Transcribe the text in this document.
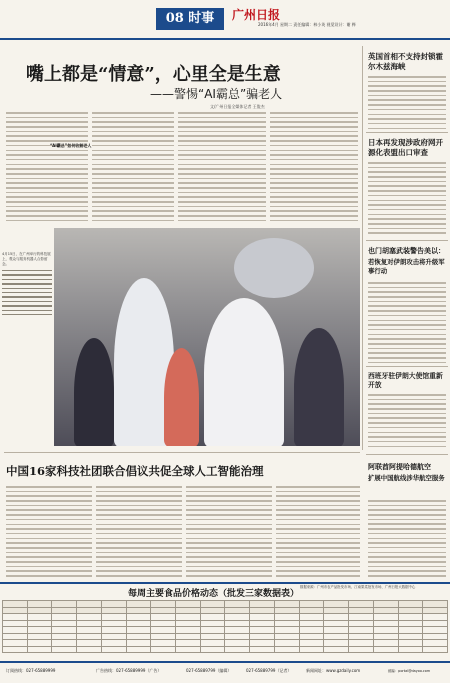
08 时事	广州日报
2016年4月 星期二 责任编辑：林小英 视觉设计：谢 桦
嘴上都是“情意”，心里全是生意
——警惕“AI霸总”骗老人
文/广州日报全媒体记者 王俊杰
“AI霸总”如何收割老人
4月15日，在广州举行的科技展上，观众与服务机器人合影留念。
中国16家科技社团联合倡议共促全球人工智能治理
英国首相不支持封锁霍尔木兹海峡
日本再发现涉政府网开源化表盟出口审查
也门胡塞武装警告美以：
若恢复对伊朗攻击将升级军事行动
西班牙驻伊朗大使馆重新开放
阿联酋阿提哈德航空
扩展中国航线涉华航空服务
每周主要食品价格动态（批发三家数据表）
数据来源：广州市农产品批发市场、江南果菜批发市场、广州日报大数据中心

订阅热线：027-65889999	广告热线：027-65889999（广告）	027-65889799（编辑）	027-65889799（记者）	新闻网址：www.gzdaily.com	邮编：portal@dayoo.com
